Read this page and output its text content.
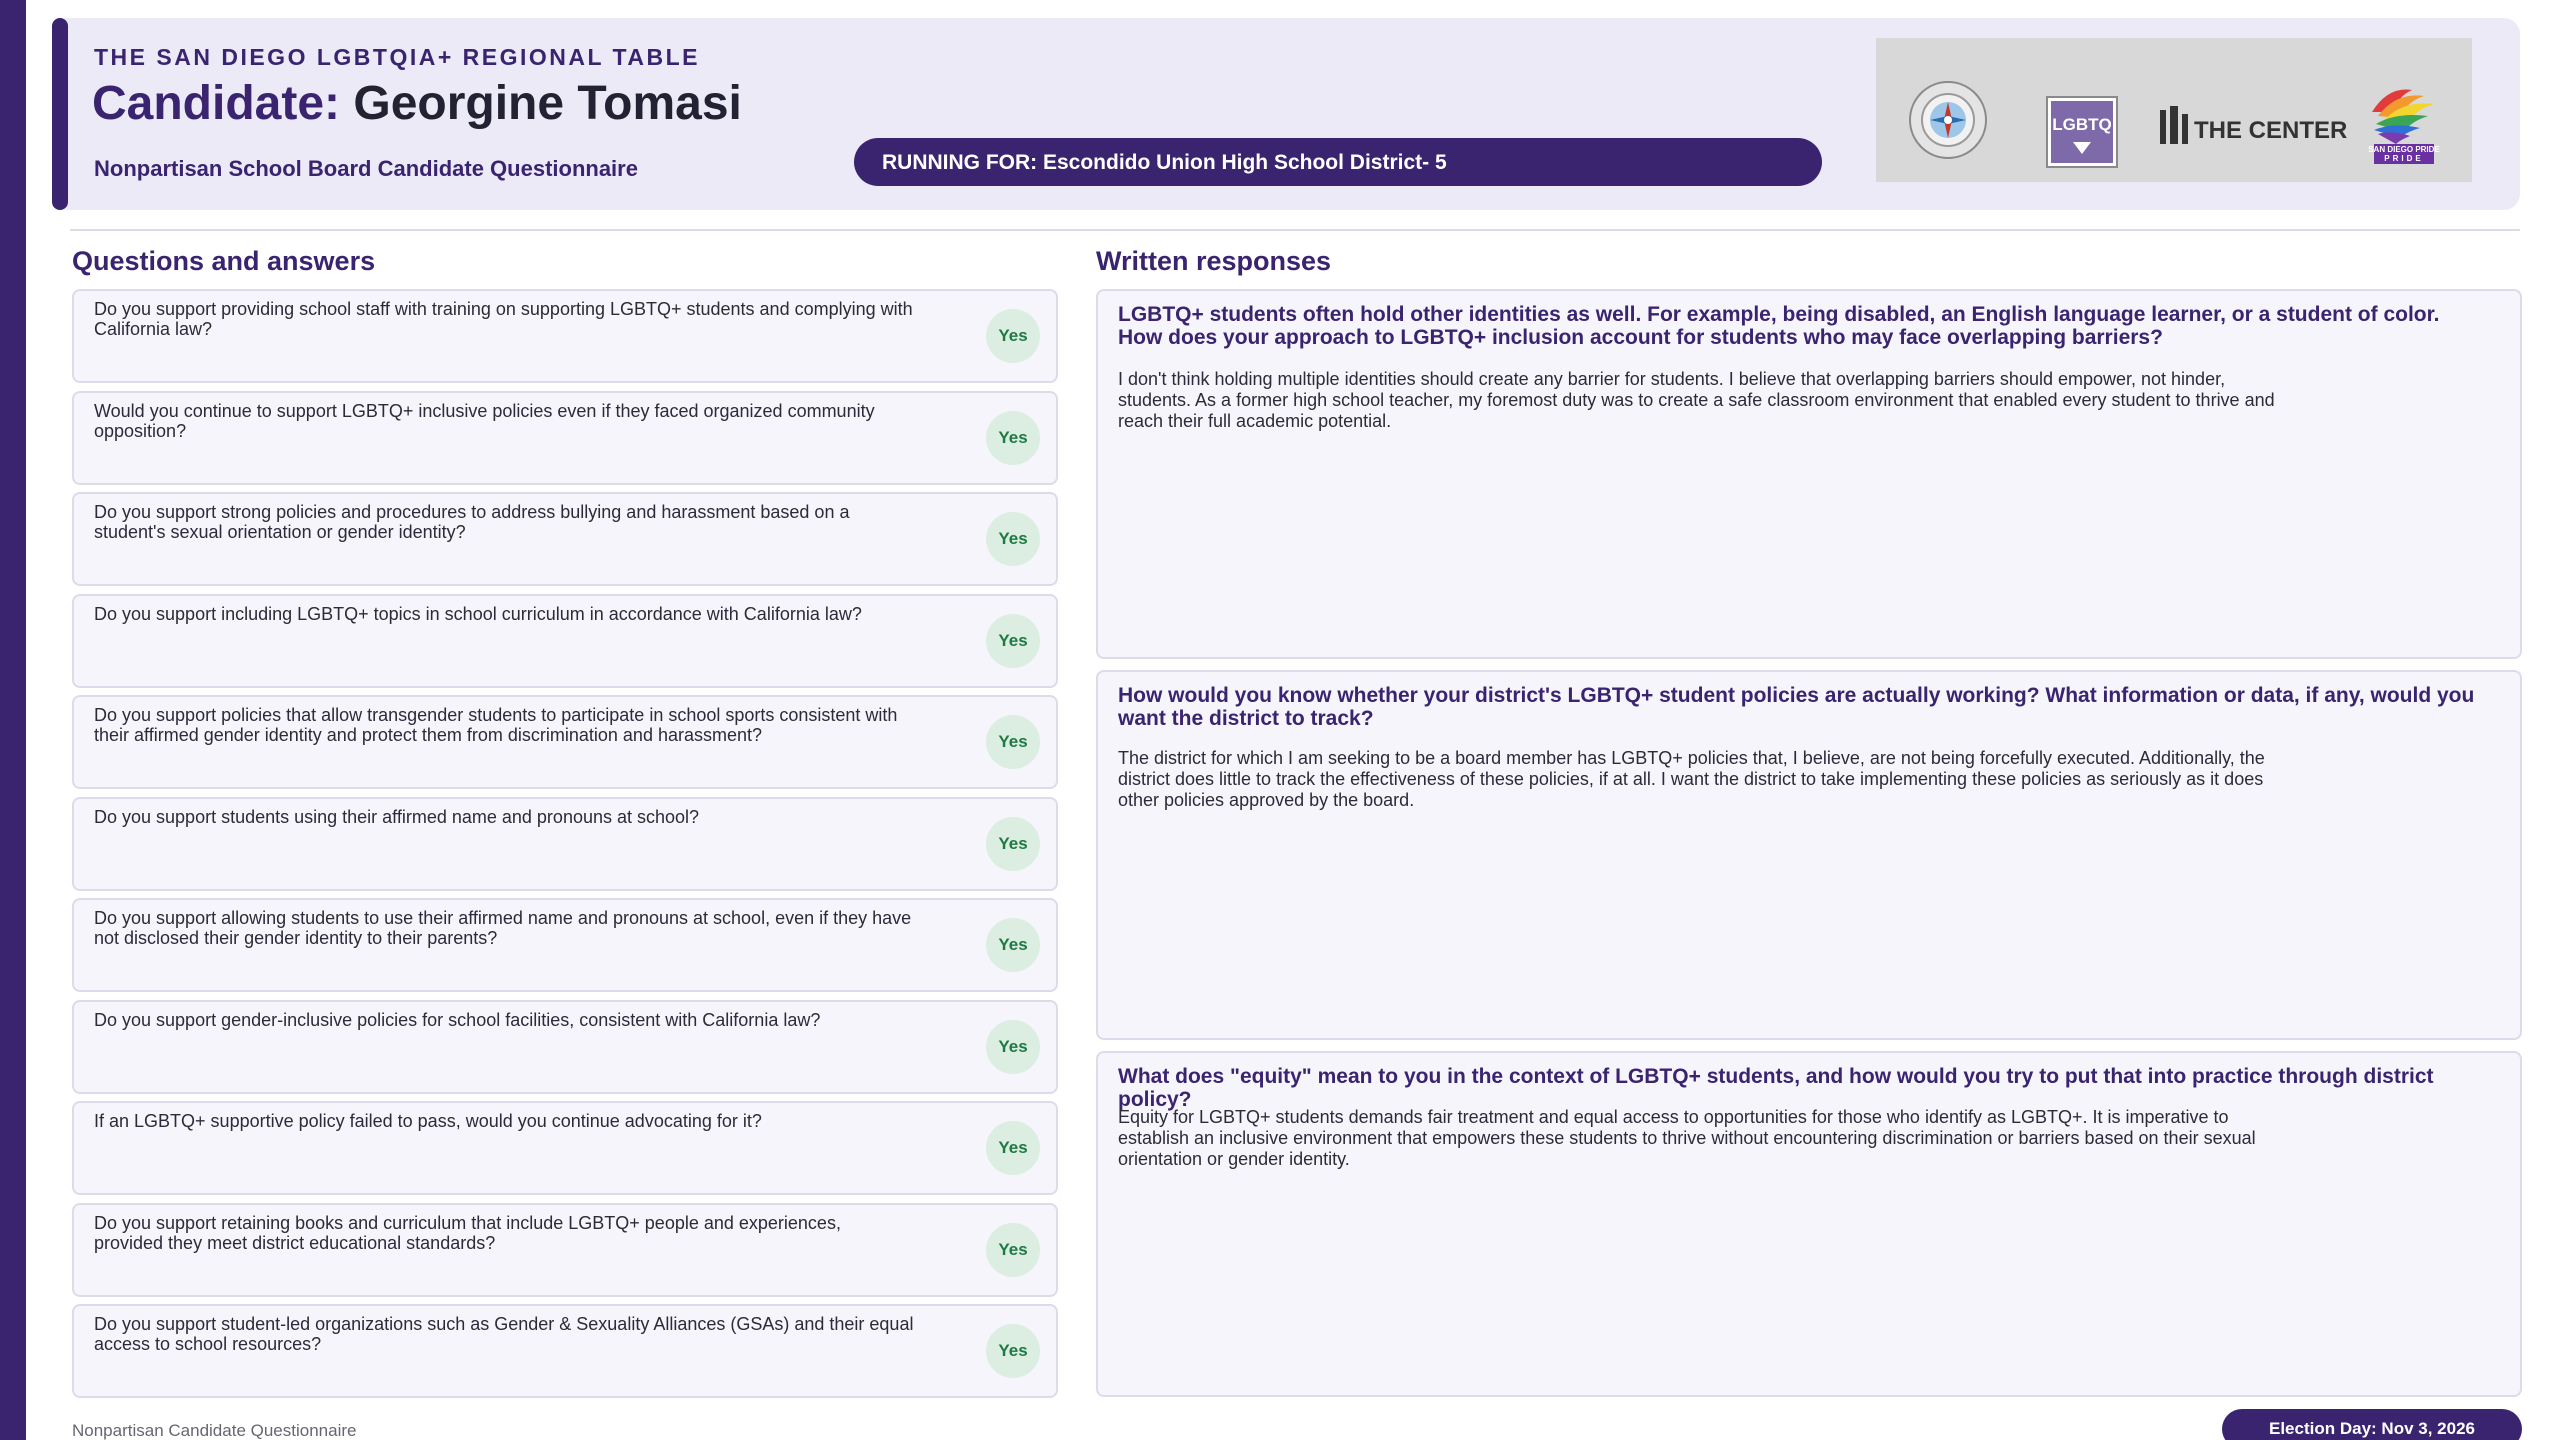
THE SAN DIEGO LGBTQIA+ REGIONAL TABLE
Candidate: Georgine Tomasi
Nonpartisan School Board Candidate Questionnaire	RUNNING FOR: Escondido Union High School District- 5
LGBTQ	THE CENTER
SAN DIEGO PRIDE
PRIDE
Questions and answers	Written responses
Do you support providing school staff with training on supporting LGBTQ+ students and complying with California law?	Yes
Would you continue to support LGBTQ+ inclusive policies even if they faced organized community opposition?	Yes
Do you support strong policies and procedures to address bullying and harassment based on a student's sexual orientation or gender identity?	Yes
Do you support including LGBTQ+ topics in school curriculum in accordance with California law?
Yes
Do you support policies that allow transgender students to participate in school sports consistent with their affirmed gender identity and protect them from discrimination and harassment?	Yes
Do you support students using their affirmed name and pronouns at school?
Yes
Do you support allowing students to use their affirmed name and pronouns at school, even if they have not disclosed their gender identity to their parents?	Yes
Do you support gender-inclusive policies for school facilities, consistent with California law?
Yes
If an LGBTQ+ supportive policy failed to pass, would you continue advocating for it?
Yes
Do you support retaining books and curriculum that include LGBTQ+ people and experiences, provided they meet district educational standards?	Yes
Do you support student-led organizations such as Gender & Sexuality Alliances (GSAs) and their equal access to school resources?	Yes
LGBTQ+ students often hold other identities as well. For example, being disabled, an English language learner, or a student of color. How does your approach to LGBTQ+ inclusion account for students who may face overlapping barriers?
I don't think holding multiple identities should create any barrier for students. I believe that overlapping barriers should empower, not hinder, students. As a former high school teacher, my foremost duty was to create a safe classroom environment that enabled every student to thrive and reach their full academic potential.
How would you know whether your district's LGBTQ+ student policies are actually working? What information or data, if any, would you want the district to track?
The district for which I am seeking to be a board member has LGBTQ+ policies that, I believe, are not being forcefully executed. Additionally, the district does little to track the effectiveness of these policies, if at all. I want the district to take implementing these policies as seriously as it does other policies approved by the board.
What does "equity" mean to you in the context of LGBTQ+ students, and how would you try to put that into practice through district policy?
Equity for LGBTQ+ students demands fair treatment and equal access to opportunities for those who identify as LGBTQ+. It is imperative to establish an inclusive environment that empowers these students to thrive without encountering discrimination or barriers based on their sexual orientation or gender identity.
Nonpartisan Candidate Questionnaire	Election Day: Nov 3, 2026
